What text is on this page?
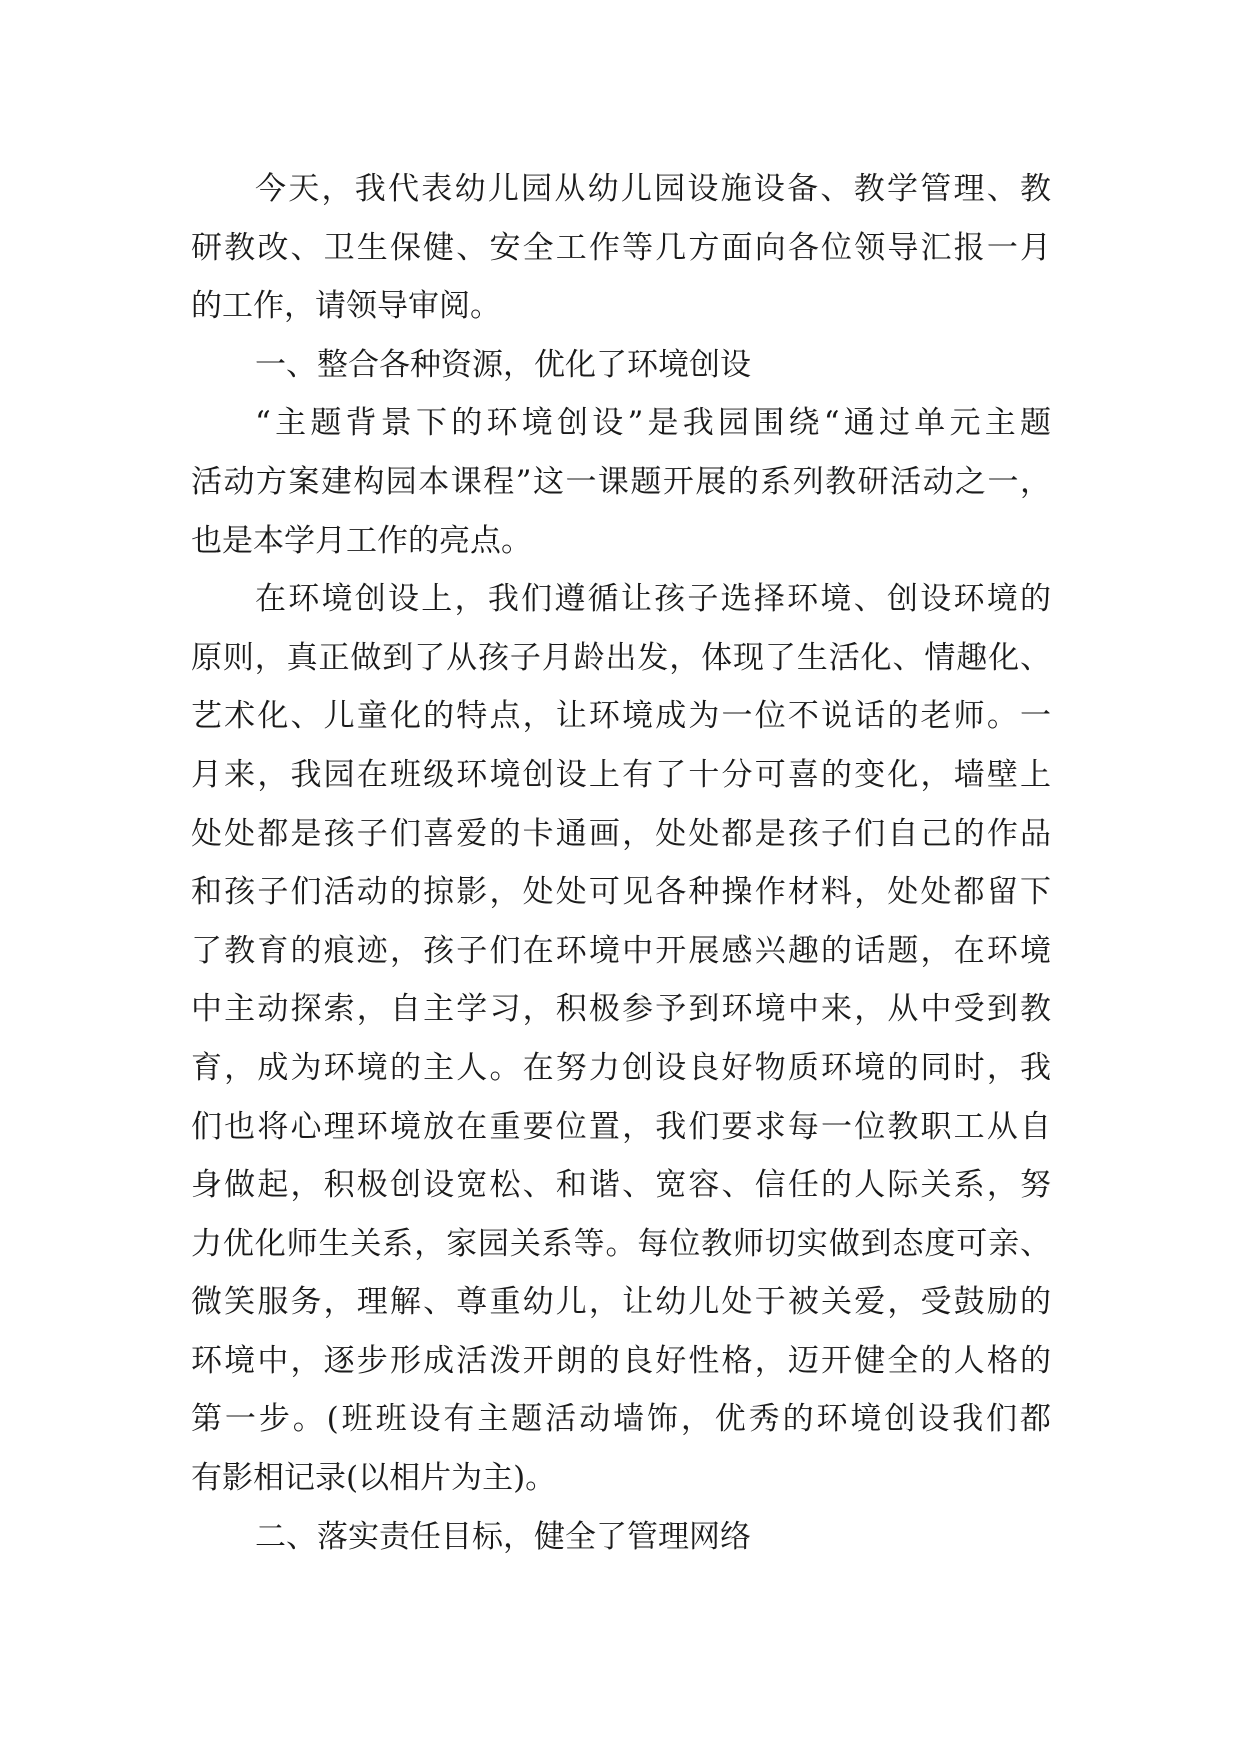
今天，我代表幼儿园从幼儿园设施设备、教学管理、教
研教改、卫生保健、安全工作等几方面向各位领导汇报一月
的工作，请领导审阅。
一、整合各种资源，优化了环境创设
“主题背景下的环境创设”是我园围绕“通过单元主题
活动方案建构园本课程”这一课题开展的系列教研活动之一，
也是本学月工作的亮点。
在环境创设上，我们遵循让孩子选择环境、创设环境的
原则，真正做到了从孩子月龄出发，体现了生活化、情趣化、
艺术化、儿童化的特点，让环境成为一位不说话的老师。一
月来，我园在班级环境创设上有了十分可喜的变化，墙壁上
处处都是孩子们喜爱的卡通画，处处都是孩子们自己的作品
和孩子们活动的掠影，处处可见各种操作材料，处处都留下
了教育的痕迹，孩子们在环境中开展感兴趣的话题，在环境
中主动探索，自主学习，积极参予到环境中来，从中受到教
育，成为环境的主人。在努力创设良好物质环境的同时，我
们也将心理环境放在重要位置，我们要求每一位教职工从自
身做起，积极创设宽松、和谐、宽容、信任的人际关系，努
力优化师生关系，家园关系等。每位教师切实做到态度可亲、
微笑服务，理解、尊重幼儿，让幼儿处于被关爱，受鼓励的
环境中，逐步形成活泼开朗的良好性格，迈开健全的人格的
第一步。(班班设有主题活动墙饰，优秀的环境创设我们都
有影相记录(以相片为主)。
二、落实责任目标，健全了管理网络
